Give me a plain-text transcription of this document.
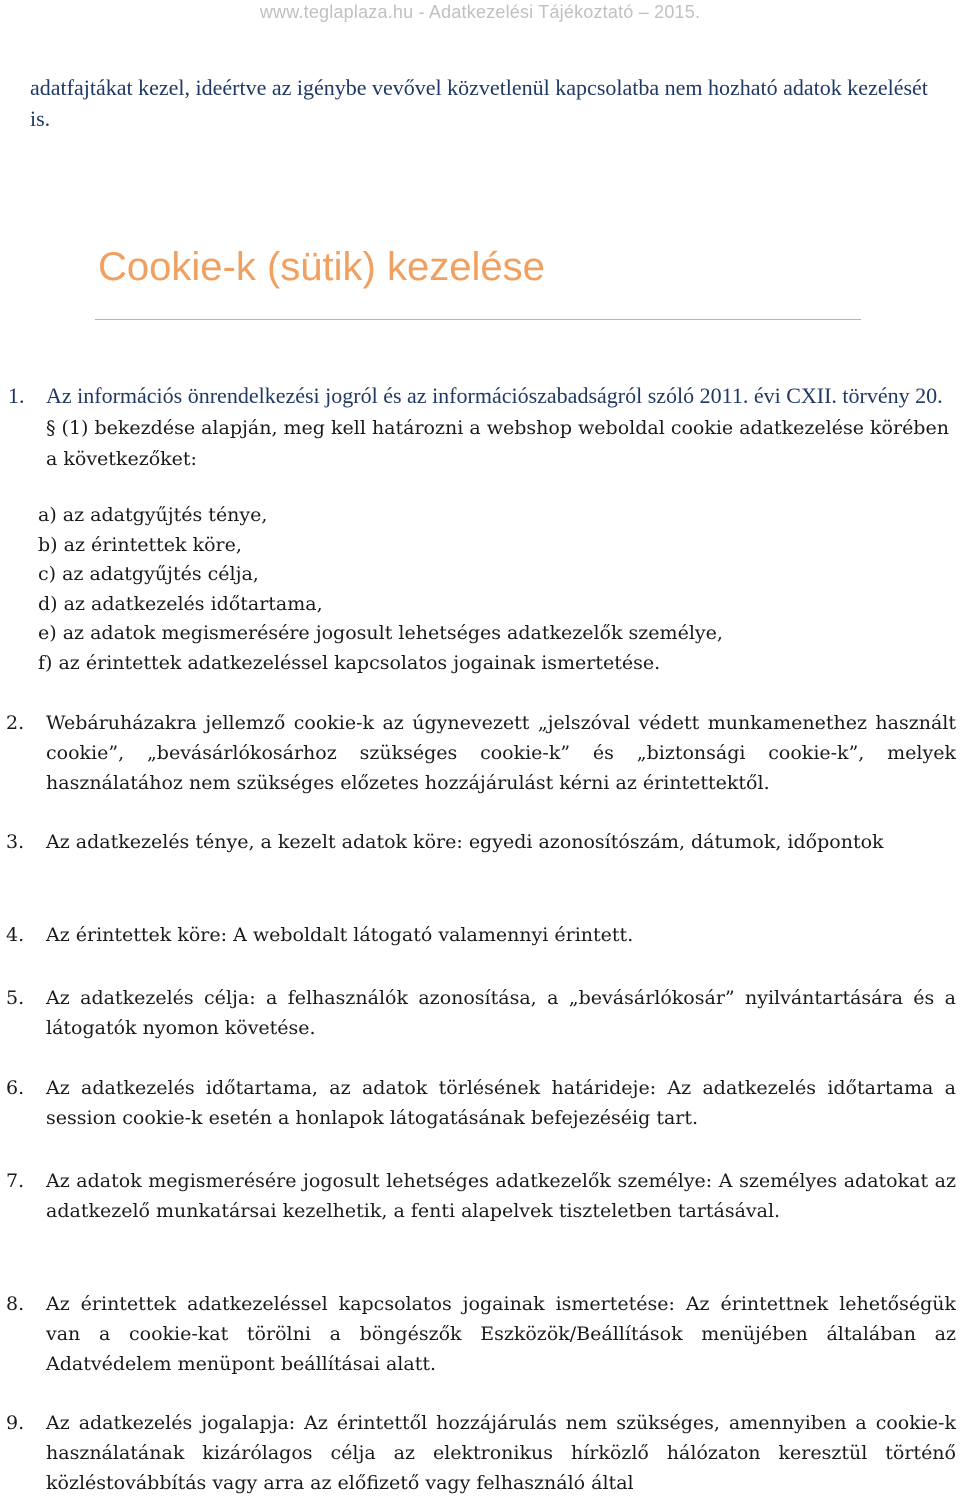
www.teglaplaza.hu - Adatkezelési Tájékoztató – 2015.
adatfajtákat kezel, ideértve az igénybe vevővel közvetlenül kapcsolatba nem hozható adatok kezelését is.
Cookie-k (sütik) kezelése
1. Az információs önrendelkezési jogról és az információszabadságról szóló 2011. évi CXII. törvény 20. § (1) bekezdése alapján, meg kell határozni a webshop weboldal cookie adatkezelése körében a következőket:
a) az adatgyűjtés ténye,
b) az érintettek köre,
c) az adatgyűjtés célja,
d) az adatkezelés időtartama,
e) az adatok megismerésére jogosult lehetséges adatkezelők személye,
f) az érintettek adatkezeléssel kapcsolatos jogainak ismertetése.
2. Webáruházakra jellemző cookie-k az úgynevezett „jelszóval védett munkamenethez használt cookie”, „bevásárlókosárhoz szükséges cookie-k” és „biztonsági cookie-k”, melyek használatához nem szükséges előzetes hozzájárulást kérni az érintettektől.
3. Az adatkezelés ténye, a kezelt adatok köre: egyedi azonosítószám, dátumok, időpontok
4. Az érintettek köre: A weboldalt látogató valamennyi érintett.
5. Az adatkezelés célja: a felhasználók azonosítása, a „bevásárlókosár” nyilvántartására és a látogatók nyomon követése.
6. Az adatkezelés időtartama, az adatok törlésének határideje: Az adatkezelés időtartama a session cookie-k esetén a honlapok látogatásának befejezéséig tart.
7. Az adatok megismerésére jogosult lehetséges adatkezelők személye: A személyes adatokat az adatkezelő munkatársai kezelhetik, a fenti alapelvek tiszteletben tartásával.
8. Az érintettek adatkezeléssel kapcsolatos jogainak ismertetése: Az érintettnek lehetőségük van a cookie-kat törölni a böngészők Eszközök/Beállítások menüjében általában az Adatvédelem menüpont beállításai alatt.
9. Az adatkezelés jogalapja: Az érintettől hozzájárulás nem szükséges, amennyiben a cookie-k használatának kizárólagos célja az elektronikus hírközlő hálózaton keresztül történő közléstovábbítás vagy arra az előfizető vagy felhasználó által
